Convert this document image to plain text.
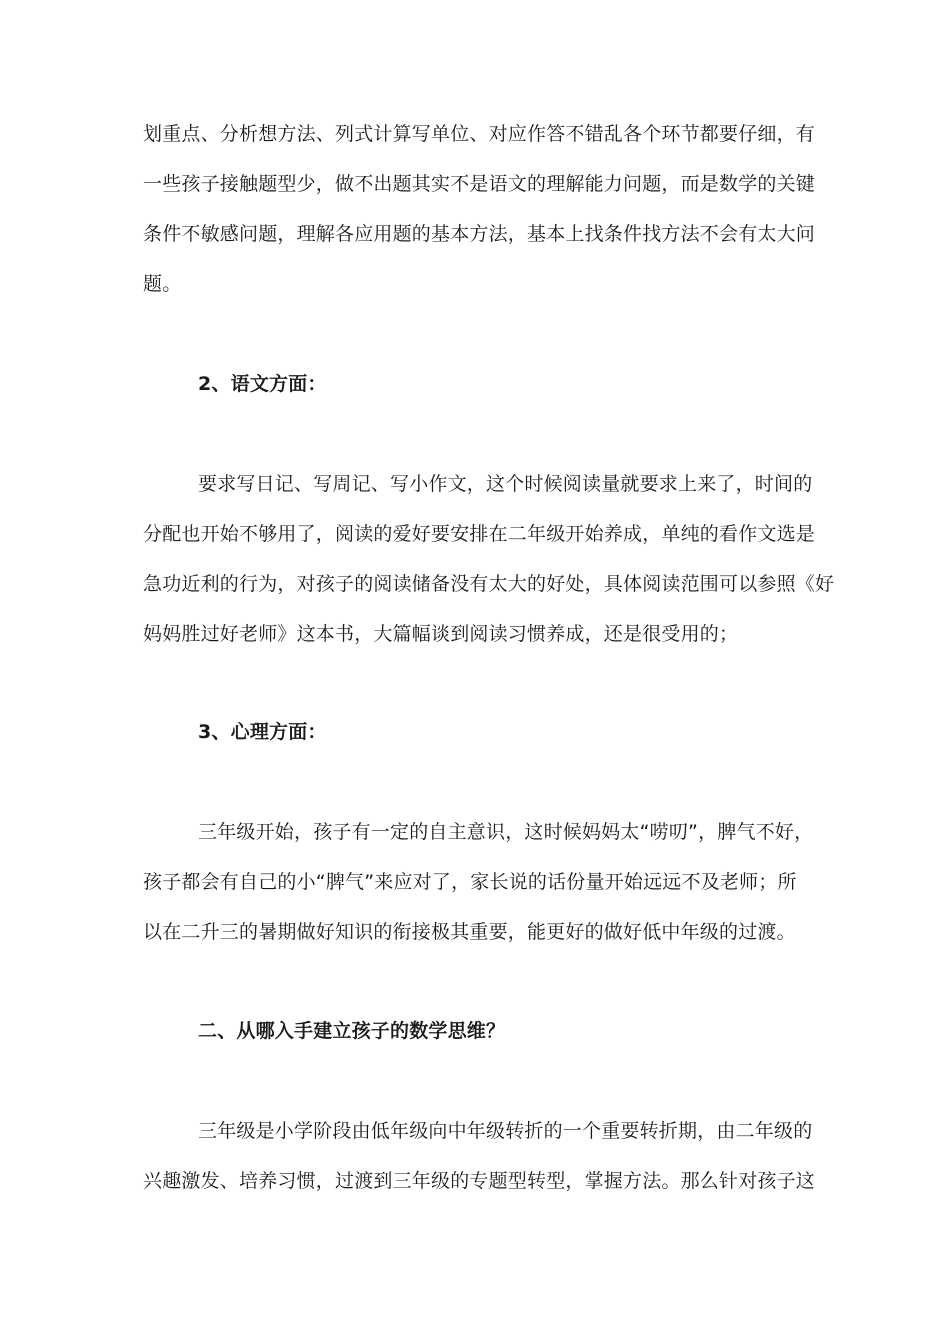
划重点、分析想方法、列式计算写单位、对应作答不错乱各个环节都要仔细，有
一些孩子接触题型少，做不出题其实不是语文的理解能力问题，而是数学的关键
条件不敏感问题，理解各应用题的基本方法，基本上找条件找方法不会有太大问
题。
2、语文方面：
要求写日记、写周记、写小作文，这个时候阅读量就要求上来了，时间的
分配也开始不够用了，阅读的爱好要安排在二年级开始养成，单纯的看作文选是
急功近利的行为，对孩子的阅读储备没有太大的好处，具体阅读范围可以参照《好
妈妈胜过好老师》这本书，大篇幅谈到阅读习惯养成，还是很受用的；
3、心理方面：
三年级开始，孩子有一定的自主意识，这时候妈妈太“唠叨”，脾气不好，
孩子都会有自己的小“脾气”来应对了，家长说的话份量开始远远不及老师；所
以在二升三的暑期做好知识的衔接极其重要，能更好的做好低中年级的过渡。
二、从哪入手建立孩子的数学思维？
三年级是小学阶段由低年级向中年级转折的一个重要转折期，由二年级的
兴趣激发、培养习惯，过渡到三年级的专题型转型，掌握方法。那么针对孩子这
